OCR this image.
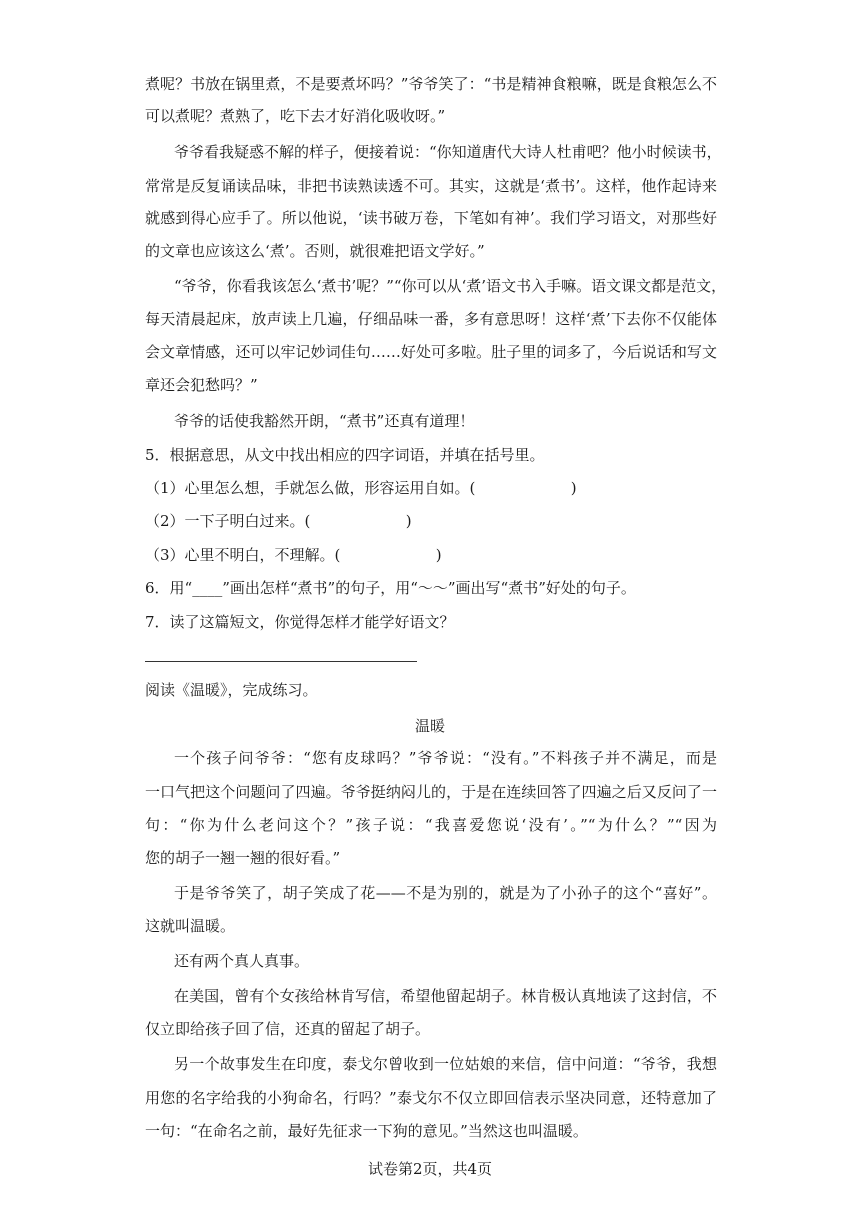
煮呢？书放在锅里煮，不是要煮坏吗？”爷爷笑了：“书是精神食粮嘛，既是食粮怎么不
可以煮呢？煮熟了，吃下去才好消化吸收呀。”
爷爷看我疑惑不解的样子，便接着说：“你知道唐代大诗人杜甫吧？他小时候读书，
常常是反复诵读品味，非把书读熟读透不可。其实，这就是‘煮书’。这样，他作起诗来
就感到得心应手了。所以他说，‘读书破万卷，下笔如有神’。我们学习语文，对那些好
的文章也应该这么‘煮’。否则，就很难把语文学好。”
“爷爷，你看我该怎么‘煮书’呢？”“你可以从‘煮’语文书入手嘛。语文课文都是范文，
每天清晨起床，放声读上几遍，仔细品味一番，多有意思呀！这样‘煮’下去你不仅能体
会文章情感，还可以牢记妙词佳句……好处可多啦。肚子里的词多了，今后说话和写文
章还会犯愁吗？”
爷爷的话使我豁然开朗，“煮书”还真有道理！
5．根据意思，从文中找出相应的四字词语，并填在括号里。
（1）心里怎么想，手就怎么做，形容运用自如。(                    )
（2）一下子明白过来。(                    )
（3）心里不明白，不理解。(                    )
6．用“____”画出怎样“煮书”的句子，用“～～”画出写“煮书”好处的句子。
7．读了这篇短文，你觉得怎样才能学好语文？
阅读《温暖》，完成练习。
温暖
一个孩子问爷爷：“您有皮球吗？”爷爷说：“没有。”不料孩子并不满足，而是
一口气把这个问题问了四遍。爷爷挺纳闷儿的，于是在连续回答了四遍之后又反问了一
句：“你为什么老问这个？”孩子说：“我喜爱您说‘没有’。”“为什么？”“因为
您的胡子一翘一翘的很好看。”
于是爷爷笑了，胡子笑成了花——不是为别的，就是为了小孙子的这个“喜好”。
这就叫温暖。
还有两个真人真事。
在美国，曾有个女孩给林肯写信，希望他留起胡子。林肯极认真地读了这封信，不
仅立即给孩子回了信，还真的留起了胡子。
另一个故事发生在印度，泰戈尔曾收到一位姑娘的来信，信中问道：“爷爷，我想
用您的名字给我的小狗命名，行吗？”泰戈尔不仅立即回信表示坚决同意，还特意加了
一句：“在命名之前，最好先征求一下狗的意见。”当然这也叫温暖。
试卷第2页，共4页
